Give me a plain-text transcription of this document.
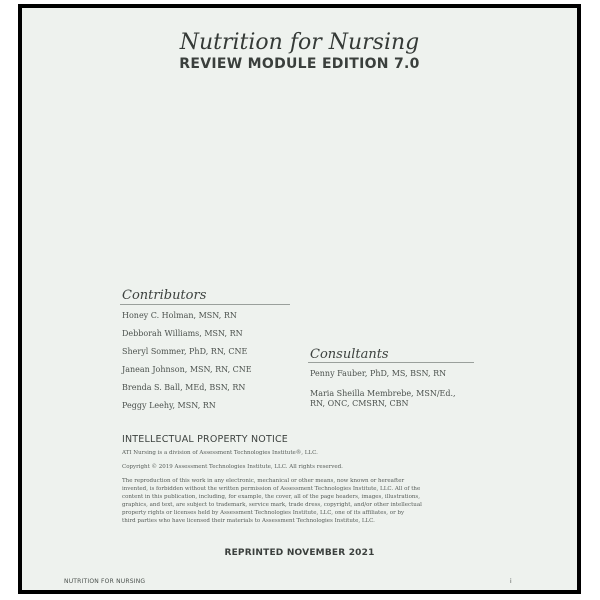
Nutrition for Nursing
REVIEW MODULE EDITION 7.0
Contributors
Honey C. Holman, MSN, RN
Debborah Williams, MSN, RN
Sheryl Sommer, PhD, RN, CNE
Janean Johnson, MSN, RN, CNE
Brenda S. Ball, MEd, BSN, RN
Peggy Leehy, MSN, RN
Consultants
Penny Fauber, PhD, MS, BSN, RN
Maria Sheilla Membrebe, MSN/Ed.,
RN, ONC, CMSRN, CBN
INTELLECTUAL PROPERTY NOTICE
ATI Nursing is a division of Assessment Technologies Institute®, LLC.
Copyright © 2019 Assessment Technologies Institute, LLC. All rights reserved.
The reproduction of this work in any electronic, mechanical or other means, now known or hereafter
invented, is forbidden without the written permission of Assessment Technologies Institute, LLC. All of the
content in this publication, including, for example, the cover, all of the page headers, images, illustrations,
graphics, and text, are subject to trademark, service mark, trade dress, copyright, and/or other intellectual
property rights or licenses held by Assessment Technologies Institute, LLC, one of its affiliates, or by
third parties who have licensed their materials to Assessment Technologies Institute, LLC.
REPRINTED NOVEMBER 2021
NUTRITION FOR NURSING	i
